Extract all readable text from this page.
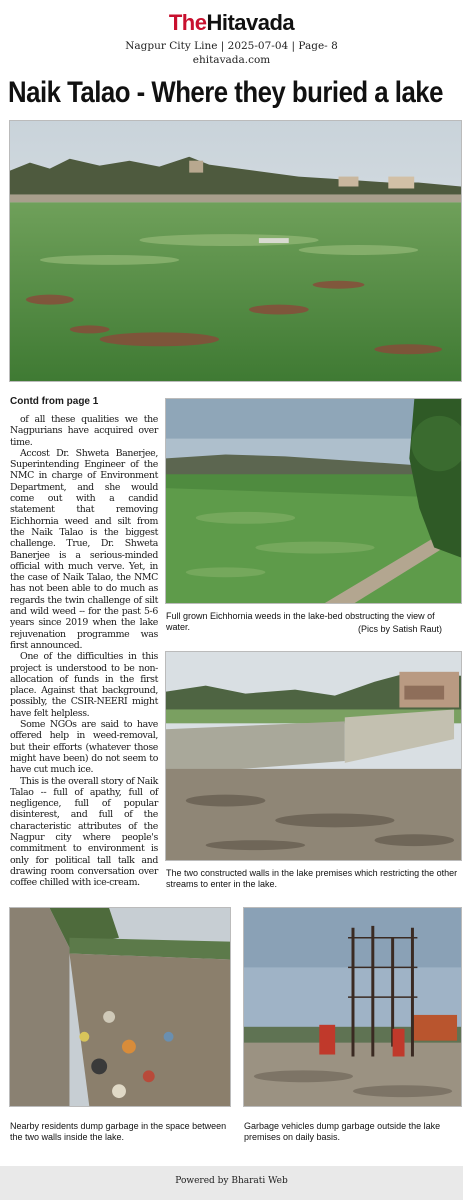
TheHitavada
Nagpur City Line | 2025-07-04 | Page- 8
ehitavada.com
Naik Talao - Where they buried a lake
Contd from page 1

of all these qualities we the Nagpurians have acquired over time.

Accost Dr. Shweta Banerjee, Superintending Engineer of the NMC in charge of Environment Department, and she would come out with a candid statement that removing Eichhornia weed and silt from the Naik Talao is the biggest challenge. True, Dr. Shweta Banerjee is a serious-minded official with much verve. Yet, in the case of Naik Talao, the NMC has not been able to do much as regards the twin challenge of silt and wild weed -- for the past 5-6 years since 2019 when the lake rejuvenation programme was first announced.

One of the difficulties in this project is understood to be non-allocation of funds in the first place. Against that background, possibly, the CSIR-NEERI might have felt helpless.

Some NGOs are said to have offered help in weed-removal, but their efforts (whatever those might have been) do not seem to have cut much ice.

This is the overall story of Naik Talao -- full of apathy, full of negligence, full of popular disinterest, and full of the characteristic attributes of the Nagpur city where people's commitment to environment is only for political tall talk and drawing room conversation over coffee chilled with ice-cream.

Full grown Eichhornia weeds in the lake-bed obstructing the view of water.	(Pics by Satish Raut)
The two constructed walls in the lake premises which restricting the other streams to enter in the lake.
Nearby residents dump garbage in the space between the two walls inside the lake.
Garbage vehicles dump garbage outside the lake premises on daily basis.
Powered by Bharati Web
